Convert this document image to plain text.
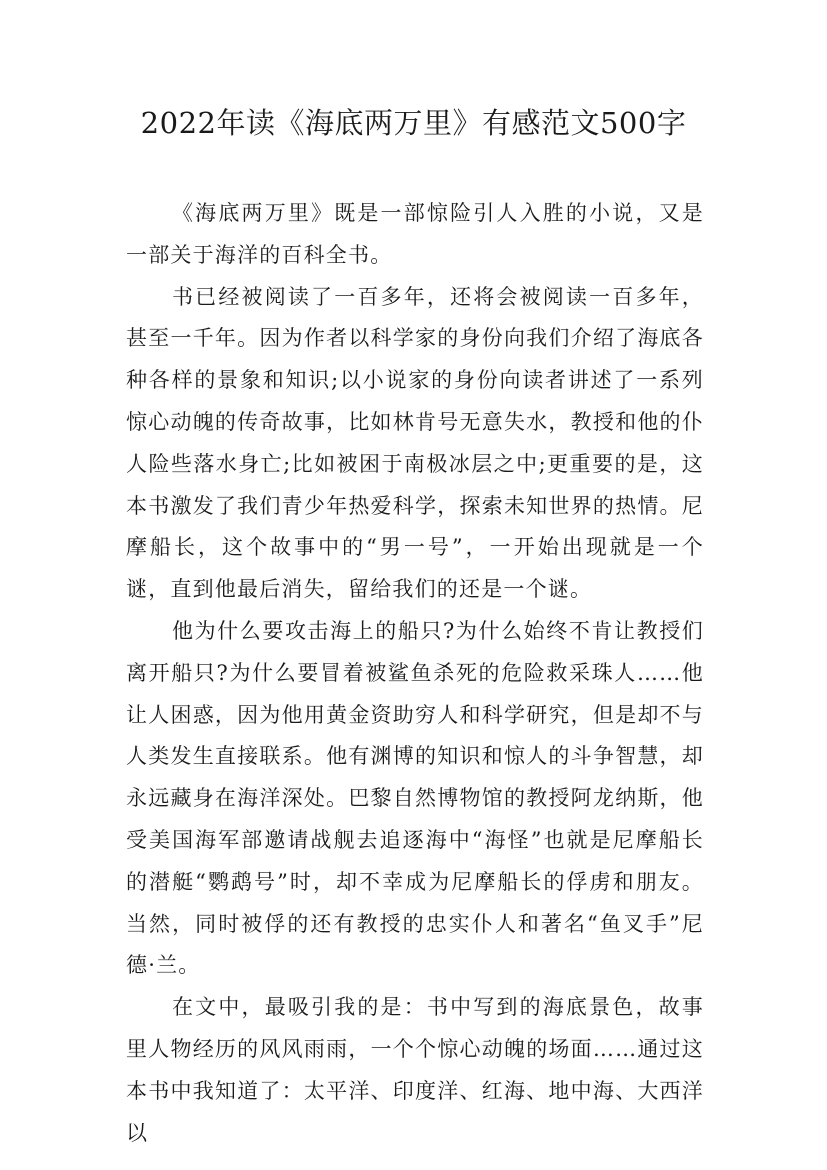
2022年读《海底两万里》有感范文500字

《海底两万里》既是一部惊险引人入胜的小说，又是一部关于海洋的百科全书。

书已经被阅读了一百多年，还将会被阅读一百多年，甚至一千年。因为作者以科学家的身份向我们介绍了海底各种各样的景象和知识;以小说家的身份向读者讲述了一系列惊心动魄的传奇故事，比如林肯号无意失水，教授和他的仆人险些落水身亡;比如被困于南极冰层之中;更重要的是，这本书激发了我们青少年热爱科学，探索未知世界的热情。尼摩船长，这个故事中的“男一号”，一开始出现就是一个谜，直到他最后消失，留给我们的还是一个谜。

他为什么要攻击海上的船只?为什么始终不肯让教授们离开船只?为什么要冒着被鲨鱼杀死的危险救采珠人……他让人困惑，因为他用黄金资助穷人和科学研究，但是却不与人类发生直接联系。他有渊博的知识和惊人的斗争智慧，却永远藏身在海洋深处。巴黎自然博物馆的教授阿龙纳斯，他受美国海军部邀请战舰去追逐海中“海怪”也就是尼摩船长的潜艇“鹦鹉号”时，却不幸成为尼摩船长的俘虏和朋友。当然，同时被俘的还有教授的忠实仆人和著名“鱼叉手”尼德·兰。

在文中，最吸引我的是：书中写到的海底景色，故事里人物经历的风风雨雨，一个个惊心动魄的场面……通过这本书中我知道了：太平洋、印度洋、红海、地中海、大西洋以
